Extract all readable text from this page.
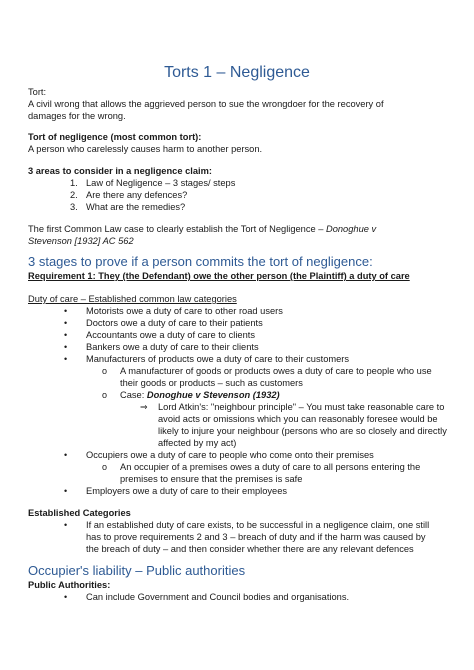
Torts 1 – Negligence
Tort:
A civil wrong that allows the aggrieved person to sue the wrongdoer for the recovery of
damages for the wrong.
Tort of negligence (most common tort):
A person who carelessly causes harm to another person.
3 areas to consider in a negligence claim:
1. Law of Negligence – 3 stages/ steps
2. Are there any defences?
3. What are the remedies?
The first Common Law case to clearly establish the Tort of Negligence – Donoghue v
Stevenson [1932] AC 562
3 stages to prove if a person commits the tort of negligence:
Requirement 1: They (the Defendant) owe the other person (the Plaintiff) a duty of care
Duty of care – Established common law categories
• Motorists owe a duty of care to other road users
• Doctors owe a duty of care to their patients
• Accountants owe a duty of care to clients
• Bankers owe a duty of care to their clients
• Manufacturers of products owe a duty of care to their customers
o A manufacturer of goods or products owes a duty of care to people who use
their goods or products – such as customers
o Case: Donoghue v Stevenson (1932)
⇒ Lord Atkin's: "neighbour principle" – You must take reasonable care to
avoid acts or omissions which you can reasonably foresee would be
likely to injure your neighbour (persons who are so closely and directly
affected by my act)
• Occupiers owe a duty of care to people who come onto their premises
o An occupier of a premises owes a duty of care to all persons entering the
premises to ensure that the premises is safe
• Employers owe a duty of care to their employees
Established Categories
• If an established duty of care exists, to be successful in a negligence claim, one still
has to prove requirements 2 and 3 – breach of duty and if the harm was caused by
the breach of duty – and then consider whether there are any relevant defences
Occupier's liability – Public authorities
Public Authorities:
• Can include Government and Council bodies and organisations.
